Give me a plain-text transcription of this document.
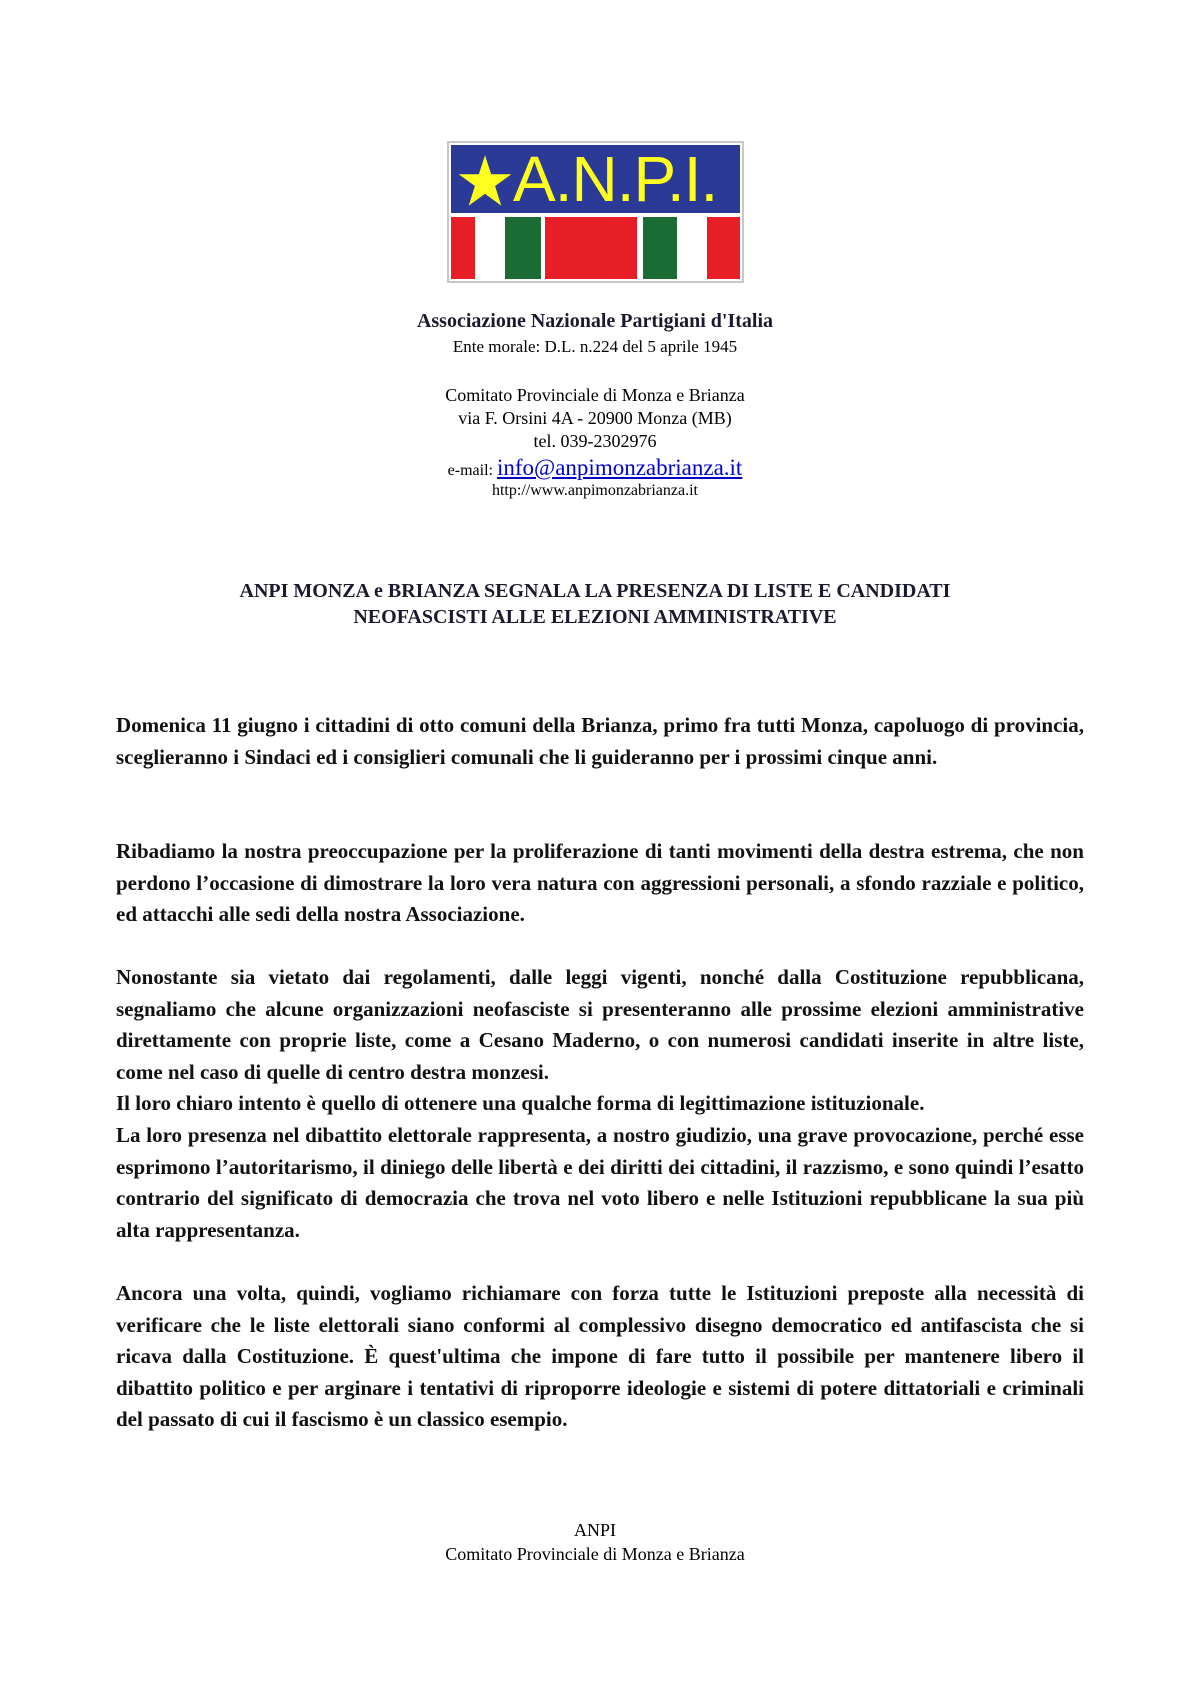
A.N.P.I.
Associazione Nazionale Partigiani d'Italia
Ente morale: D.L. n.224 del 5 aprile 1945
Comitato Provinciale di Monza e Brianza
via F. Orsini 4A - 20900 Monza (MB)
tel. 039-2302976
e-mail: info@anpimonzabrianza.it
http://www.anpimonzabrianza.it
ANPI MONZA e BRIANZA SEGNALA LA PRESENZA DI LISTE E CANDIDATI
NEOFASCISTI ALLE ELEZIONI AMMINISTRATIVE
Domenica 11 giugno i cittadini di otto comuni della Brianza, primo fra tutti Monza, capoluogo di provincia, sceglieranno i Sindaci ed i consiglieri comunali che li guideranno per i prossimi cinque anni.
Ribadiamo la nostra preoccupazione per la proliferazione di tanti movimenti della destra estrema, che non perdono l’occasione di dimostrare la loro vera natura con aggressioni personali, a sfondo razziale e politico, ed attacchi alle sedi della nostra Associazione.
Nonostante sia vietato dai regolamenti, dalle leggi vigenti, nonché dalla Costituzione repubblicana, segnaliamo che alcune organizzazioni neofasciste si presenteranno alle prossime elezioni amministrative direttamente con proprie liste, come a Cesano Maderno, o con numerosi candidati inserite in altre liste, come nel caso di quelle di centro destra monzesi.
Il loro chiaro intento è quello di ottenere una qualche forma di legittimazione istituzionale.
La loro presenza nel dibattito elettorale rappresenta, a nostro giudizio, una grave provocazione, perché esse esprimono l’autoritarismo, il diniego delle libertà e dei diritti dei cittadini, il razzismo, e sono quindi l’esatto contrario del significato di democrazia che trova nel voto libero e nelle Istituzioni repubblicane la sua più alta rappresentanza.
Ancora una volta, quindi, vogliamo richiamare con forza tutte le Istituzioni preposte alla necessità di verificare che le liste elettorali siano conformi al complessivo disegno democratico ed antifascista che si ricava dalla Costituzione. È quest'ultima che impone di fare tutto il possibile per mantenere libero il dibattito politico e per arginare i tentativi di riproporre ideologie e sistemi di potere dittatoriali e criminali del passato di cui il fascismo è un classico esempio.
ANPI
Comitato Provinciale di Monza e Brianza
